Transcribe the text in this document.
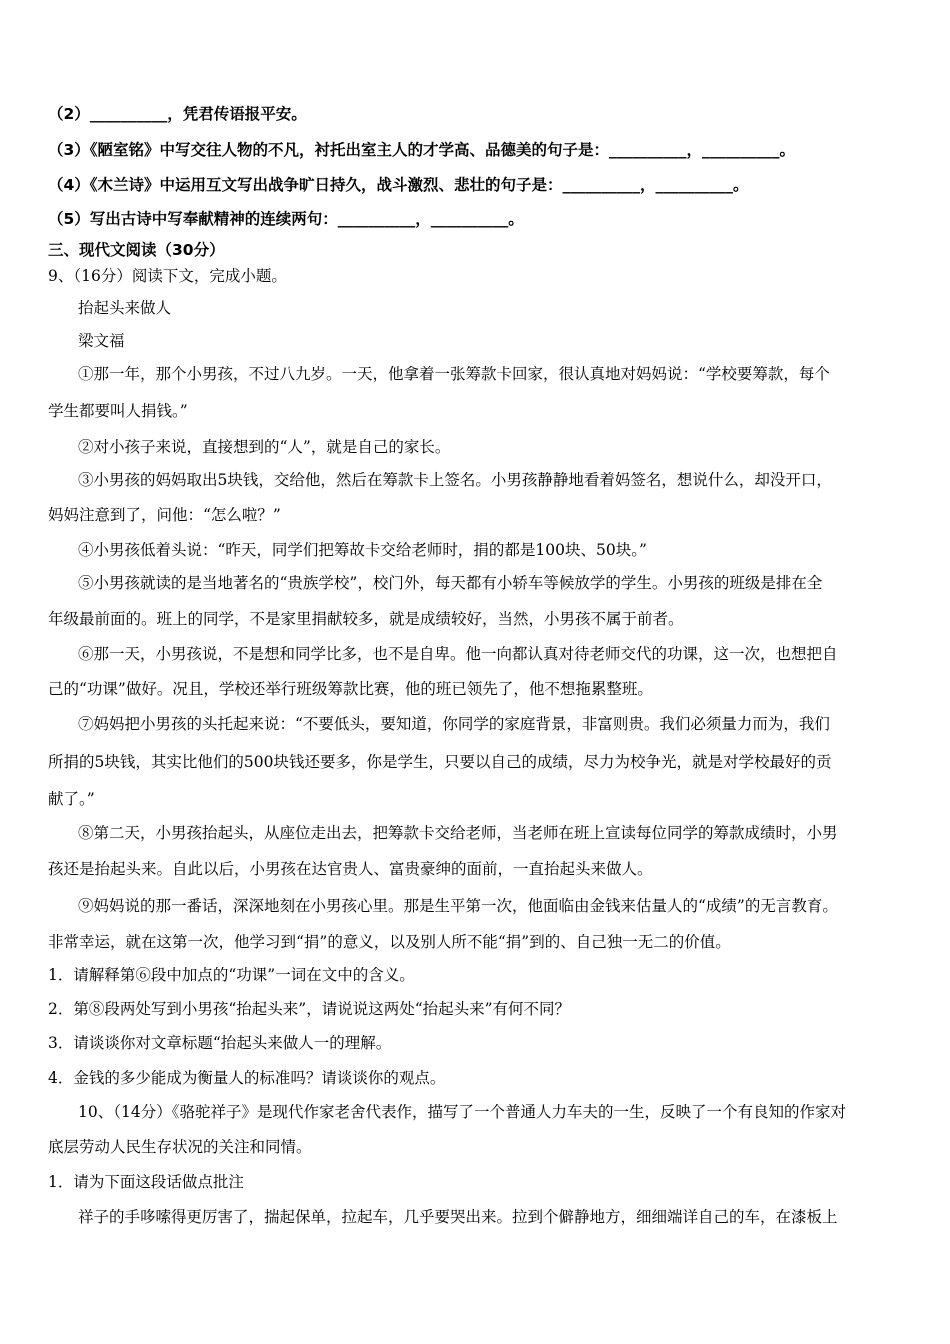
（2）__________，凭君传语报平安。
（3）《陋室铭》中写交往人物的不凡，衬托出室主人的才学高、品德美的句子是：__________，__________。
（4）《木兰诗》中运用互文写出战争旷日持久，战斗激烈、悲壮的句子是：__________，__________。
（5）写出古诗中写奉献精神的连续两句：__________，__________。
三、现代文阅读（30分）
9、（16分）阅读下文，完成小题。
抬起头来做人
梁文福
①那一年，那个小男孩，不过八九岁。一天，他拿着一张筹款卡回家，很认真地对妈妈说：“学校要筹款，每个
学生都要叫人捐钱。”
②对小孩子来说，直接想到的“人”，就是自己的家长。
③小男孩的妈妈取出5块钱，交给他，然后在筹款卡上签名。小男孩静静地看着妈签名，想说什么，却没开口，
妈妈注意到了，问他：“怎么啦？”
④小男孩低着头说：“昨天，同学们把筹故卡交给老师时，捐的都是100块、50块。”
⑤小男孩就读的是当地著名的“贵族学校”，校门外，每天都有小轿车等候放学的学生。小男孩的班级是排在全
年级最前面的。班上的同学，不是家里捐献较多，就是成绩较好，当然，小男孩不属于前者。
⑥那一天，小男孩说，不是想和同学比多，也不是自卑。他一向都认真对待老师交代的功课，这一次，也想把自
己的“功课”做好。况且，学校还举行班级筹款比赛，他的班已领先了，他不想拖累整班。
⑦妈妈把小男孩的头托起来说：“不要低头，要知道，你同学的家庭背景，非富则贵。我们必须量力而为，我们
所捐的5块钱，其实比他们的500块钱还要多，你是学生，只要以自己的成绩，尽力为校争光，就是对学校最好的贡
献了。”
⑧第二天，小男孩抬起头，从座位走出去，把筹款卡交给老师，当老师在班上宣读每位同学的筹款成绩时，小男
孩还是抬起头来。自此以后，小男孩在达官贵人、富贵豪绅的面前，一直抬起头来做人。
⑨妈妈说的那一番话，深深地刻在小男孩心里。那是生平第一次，他面临由金钱来估量人的“成绩”的无言教育。
非常幸运，就在这第一次，他学习到“捐”的意义，以及别人所不能“捐”到的、自己独一无二的价值。
1．请解释第⑥段中加点的“功课”一词在文中的含义。
2．第⑧段两处写到小男孩“抬起头来”，请说说这两处“抬起头来”有何不同？
3．请谈谈你对文章标题“抬起头来做人一的理解。
4．金钱的多少能成为衡量人的标准吗？请谈谈你的观点。
10、（14分）《骆驼祥子》是现代作家老舍代表作，描写了一个普通人力车夫的一生，反映了一个有良知的作家对
底层劳动人民生存状况的关注和同情。
1．请为下面这段话做点批注
祥子的手哆嗦得更厉害了，揣起保单，拉起车，几乎要哭出来。拉到个僻静地方，细细端详自己的车，在漆板上
